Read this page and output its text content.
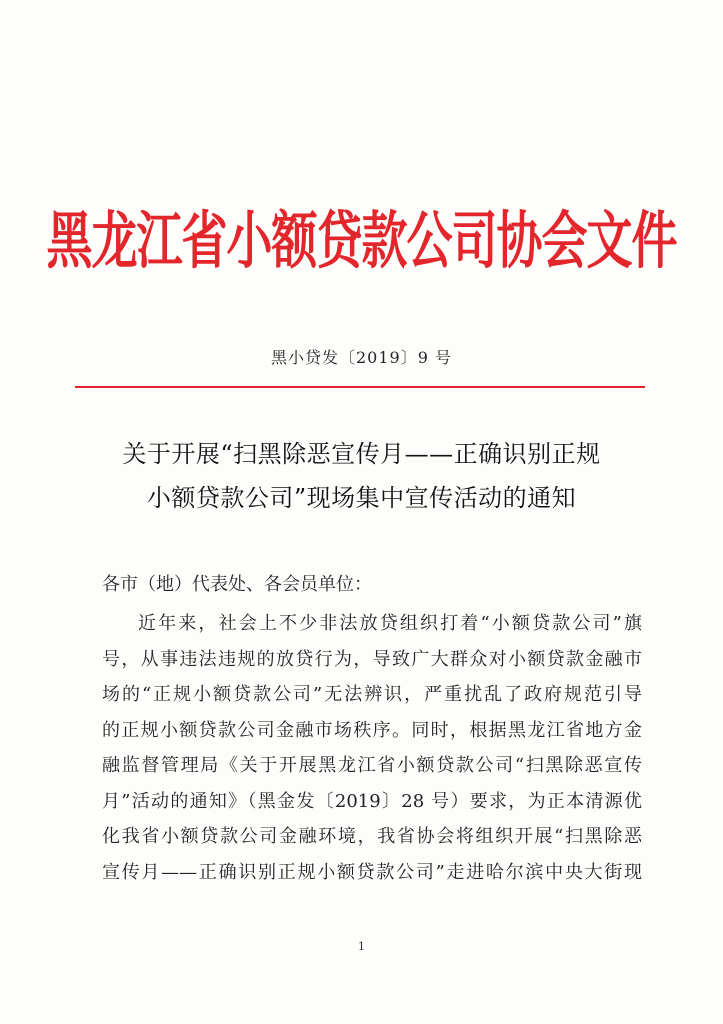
黑龙江省小额贷款公司协会文件
黑小贷发〔2019〕9 号
关于开展“扫黑除恶宣传月——正确识别正规
小额贷款公司”现场集中宣传活动的通知
各市（地）代表处、各会员单位：
近年来，社会上不少非法放贷组织打着“小额贷款公司”旗
号，从事违法违规的放贷行为，导致广大群众对小额贷款金融市
场的“正规小额贷款公司”无法辨识，严重扰乱了政府规范引导
的正规小额贷款公司金融市场秩序。同时，根据黑龙江省地方金
融监督管理局《关于开展黑龙江省小额贷款公司“扫黑除恶宣传
月”活动的通知》（黑金发〔2019〕28 号）要求，为正本清源优
化我省小额贷款公司金融环境，我省协会将组织开展“扫黑除恶
宣传月——正确识别正规小额贷款公司”走进哈尔滨中央大街现
1
